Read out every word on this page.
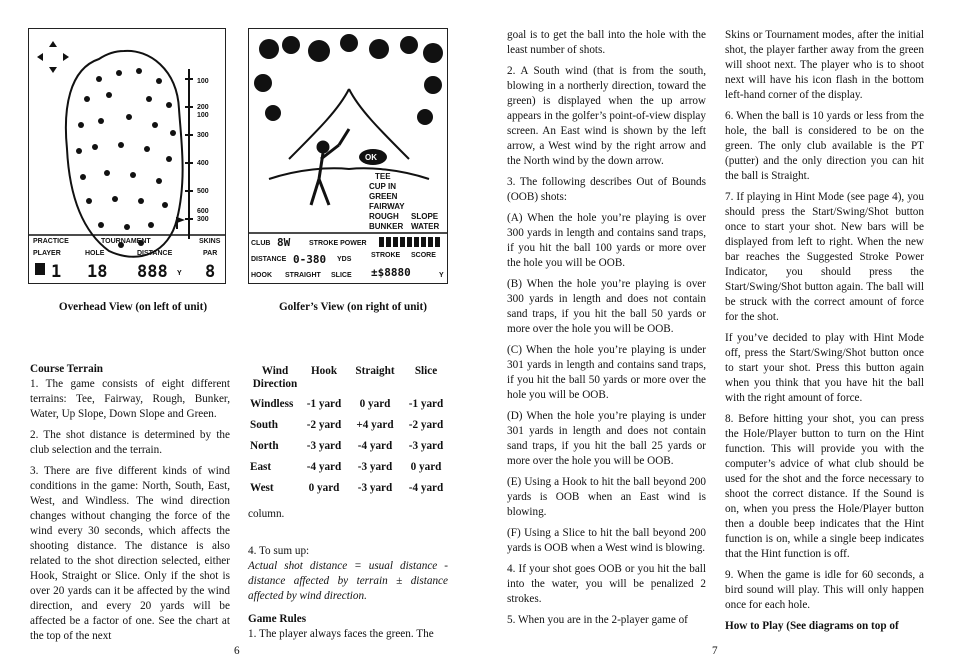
100
200
100
300
400
500
600
300
PRACTICE	TOURNAMENT	SKINS
PLAYER	HOLE	DISTANCE	PAR
1 18 888 8
Y
OK
TEE
CUP IN
GREEN
FAIRWAY
ROUGH SLOPE
BUNKER WATER
CLUB	STROKE POWER
DISTANCE	YDS
STROKE SCORE
HOOK STRAIGHT SLICE	Y
8W
0-380
±$8880
Overhead View (on left of unit)	Golfer’s View (on right of unit)

Course Terrain

1. The game consists of eight different terrains: Tee, Fairway, Rough, Bunker, Water, Up Slope, Down Slope and Green.

2. The shot distance is determined by the club selection and the terrain.

3. There are five different kinds of wind conditions in the game: North, South, East, West, and Windless. The wind direction changes without changing the force of the wind every 30 seconds, which affects the shooting distance. The distance is also related to the shot direction selected, either Hook, Straight or Slice. Only if the shot is over 20 yards can it be affected by the wind direction, and every 20 yards will be affected be a factor of one. See the chart at the top of the next

6
Wind Direction	Hook	Straight	Slice
Windless	-1 yard	0 yard	-1 yard
South	-2 yard	+4 yard	-2 yard
North	-3 yard	-4 yard	-3 yard
East	-4 yard	-3 yard	0 yard
West	0 yard	-3 yard	-4 yard

column.

4. To sum up:

Actual shot distance = usual distance - distance affected by terrain ± distance affected by wind direction.

Game Rules

1. The player always faces the green. The

goal is to get the ball into the hole with the least number of shots.

2. A South wind (that is from the south, blowing in a northerly direction, toward the green) is displayed when the up arrow appears in the golfer’s point-of-view display screen. An East wind is shown by the left arrow, a West wind by the right arrow and the North wind by the down arrow.

3. The following describes Out of Bounds (OOB) shots:

(A) When the hole you’re playing is over 300 yards in length and contains sand traps, if you hit the ball 100 yards or more over the hole you will be OOB.

(B) When the hole you’re playing is over 300 yards in length and does not contain sand traps, if you hit the ball 50 yards or more over the hole you will be OOB.

(C) When the hole you’re playing is under 301 yards in length and contains sand traps, if you hit the ball 50 yards or more over the hole you will be OOB.

(D) When the hole you’re playing is under 301 yards in length and does not contain sand traps, if you hit the ball 25 yards or more over the hole you will be OOB.

(E) Using a Hook to hit the ball beyond 200 yards is OOB when an East wind is blowing.

(F) Using a Slice to hit the ball beyond 200 yards is OOB when a West wind is blowing.

4. If your shot goes OOB or you hit the ball into the water, you will be penalized 2 strokes.

5. When you are in the 2-player game of

7

Skins or Tournament modes, after the initial shot, the player farther away from the green will shoot next. The player who is to shoot next will have his icon flash in the bottom left-hand corner of the display.

6. When the ball is 10 yards or less from the hole, the ball is considered to be on the green. The only club available is the PT (putter) and the only direction you can hit the ball is Straight.

7. If playing in Hint Mode (see page 4), you should press the Start/Swing/Shot button once to start your shot. New bars will be displayed from left to right. When the new bar reaches the Suggested Stroke Power Indicator, you should press the Start/Swing/Shot button again. The ball will be struck with the correct amount of force for the shot.

If you’ve decided to play with Hint Mode off, press the Start/Swing/Shot button once to start your shot. Press this button again when you think that you have hit the ball with the right amount of force.

8. Before hitting your shot, you can press the Hole/Player button to turn on the Hint function. This will provide you with the computer’s advice of what club should be used for the shot and the force necessary to shoot the correct distance. If the Sound is on, when you press the Hole/Player button then a double beep indicates that the Hint function is on, while a single beep indicates that the Hint function is off.

9. When the game is idle for 60 seconds, a bird sound will play. This will only happen once for each hole.

How to Play (See diagrams on top of
